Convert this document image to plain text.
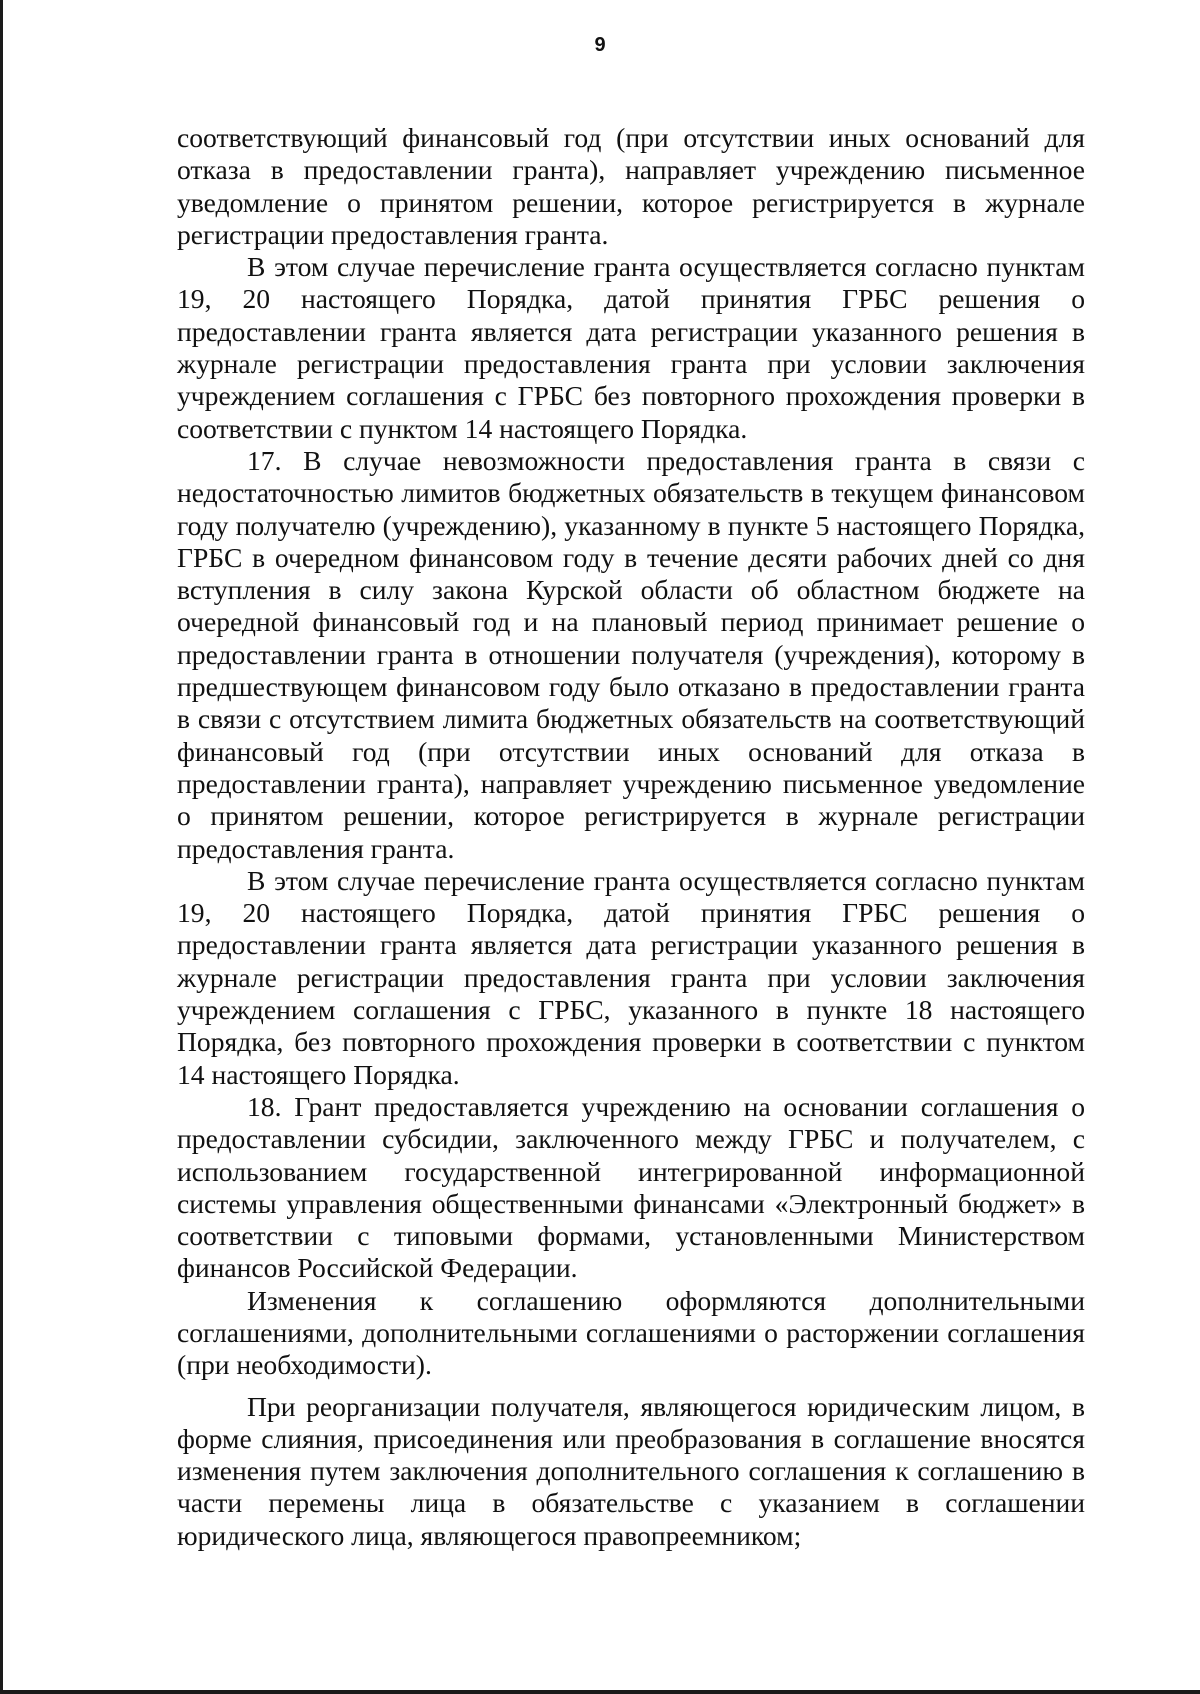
9

соответствующий финансовый год (при отсутствии иных оснований для отказа в предоставлении гранта), направляет учреждению письменное уведомление о принятом решении, которое регистрируется в журнале регистрации предоставления гранта.

В этом случае перечисление гранта осуществляется согласно пунктам 19, 20 настоящего Порядка, датой принятия ГРБС решения о предоставлении гранта является дата регистрации указанного решения в журнале регистрации предоставления гранта при условии заключения учреждением соглашения с ГРБС без повторного прохождения проверки в соответствии с пунктом 14 настоящего Порядка.

17. В случае невозможности предоставления гранта в связи с недостаточностью лимитов бюджетных обязательств в текущем финансовом году получателю (учреждению), указанному в пункте 5 настоящего Порядка, ГРБС в очередном финансовом году в течение десяти рабочих дней со дня вступления в силу закона Курской области об областном бюджете на очередной финансовый год и на плановый период принимает решение о предоставлении гранта в отношении получателя (учреждения), которому в предшествующем финансовом году было отказано в предоставлении гранта в связи с отсутствием лимита бюджетных обязательств на соответствующий финансовый год (при отсутствии иных оснований для отказа в предоставлении гранта), направляет учреждению письменное уведомление о принятом решении, которое регистрируется в журнале регистрации предоставления гранта.

В этом случае перечисление гранта осуществляется согласно пунктам 19, 20 настоящего Порядка, датой принятия ГРБС решения о предоставлении гранта является дата регистрации указанного решения в журнале регистрации предоставления гранта при условии заключения учреждением соглашения с ГРБС, указанного в пункте 18 настоящего Порядка, без повторного прохождения проверки в соответствии с пунктом 14 настоящего Порядка.

18. Грант предоставляется учреждению на основании соглашения о предоставлении субсидии, заключенного между ГРБС и получателем, с использованием государственной интегрированной информационной системы управления общественными финансами «Электронный бюджет» в соответствии с типовыми формами, установленными Министерством финансов Российской Федерации.

Изменения к соглашению оформляются дополнительными соглашениями, дополнительными соглашениями о расторжении соглашения (при необходимости).

При реорганизации получателя, являющегося юридическим лицом, в форме слияния, присоединения или преобразования в соглашение вносятся изменения путем заключения дополнительного соглашения к соглашению в части перемены лица в обязательстве с указанием в соглашении юридического лица, являющегося правопреемником;
